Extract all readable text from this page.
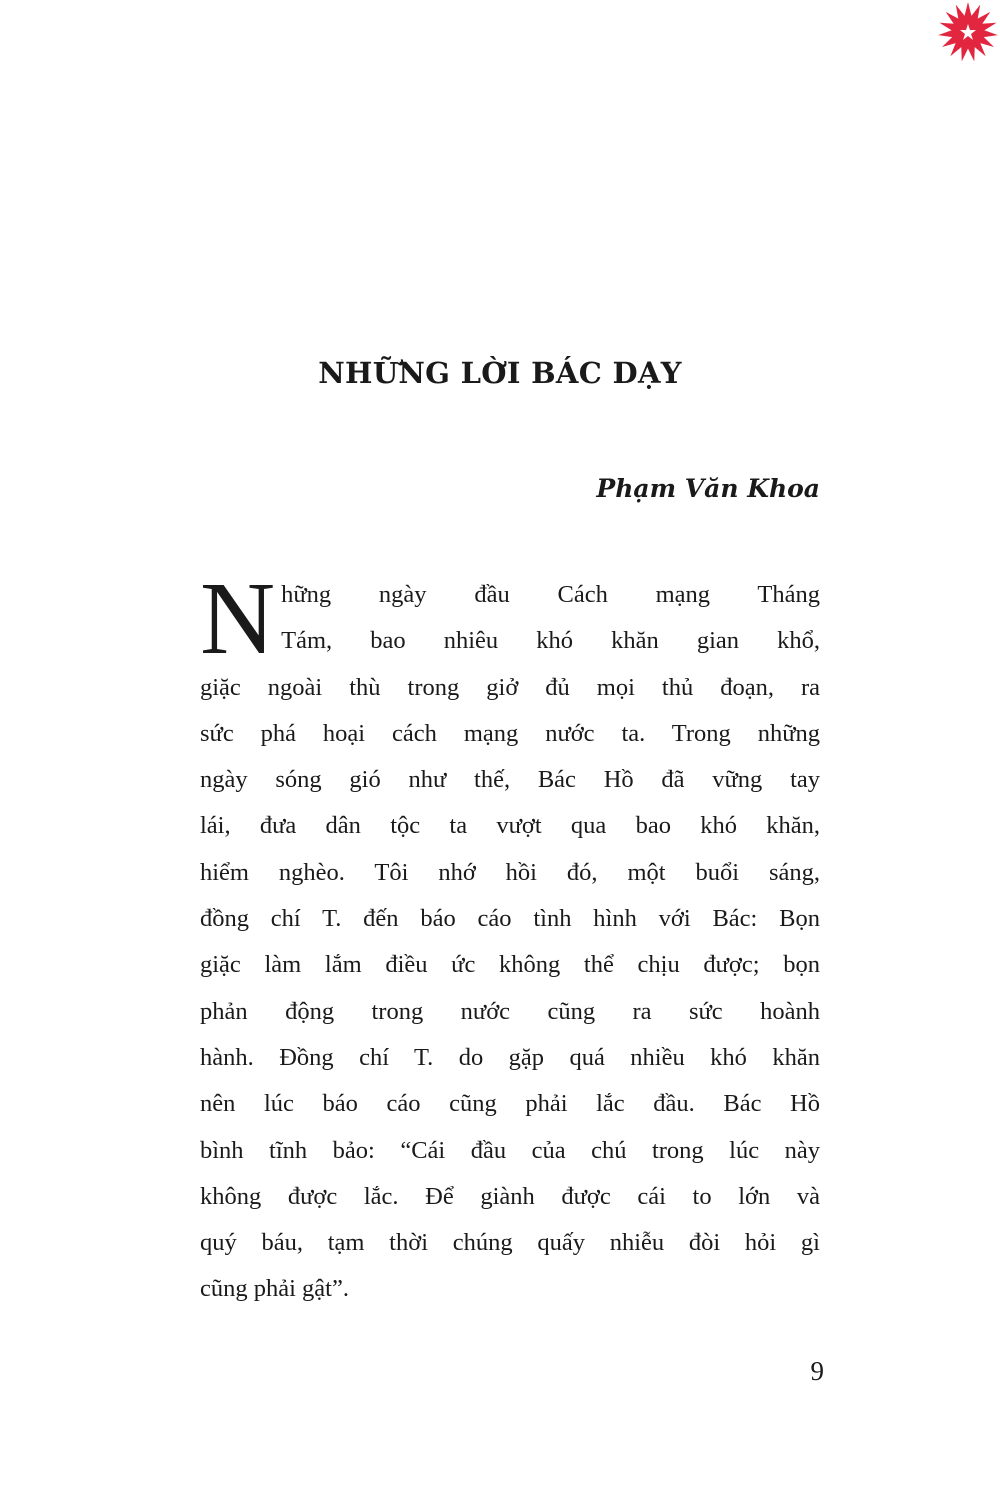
NHỮNG LỜI BÁC DẠY

Phạm Văn Khoa

N hững ngày đầu Cách mạng Tháng
Tám, bao nhiêu khó khăn gian khổ,
giặc ngoài thù trong giở đủ mọi thủ đoạn, ra
sức phá hoại cách mạng nước ta. Trong những
ngày sóng gió như thế, Bác Hồ đã vững tay
lái, đưa dân tộc ta vượt qua bao khó khăn,
hiểm nghèo. Tôi nhớ hồi đó, một buổi sáng,
đồng chí T. đến báo cáo tình hình với Bác: Bọn
giặc làm lắm điều ức không thể chịu được; bọn
phản động trong nước cũng ra sức hoành
hành. Đồng chí T. do gặp quá nhiều khó khăn
nên lúc báo cáo cũng phải lắc đầu. Bác Hồ
bình tĩnh bảo: “Cái đầu của chú trong lúc này
không được lắc. Để giành được cái to lớn và
quý báu, tạm thời chúng quấy nhiễu đòi hỏi gì
cũng phải gật”.
9
